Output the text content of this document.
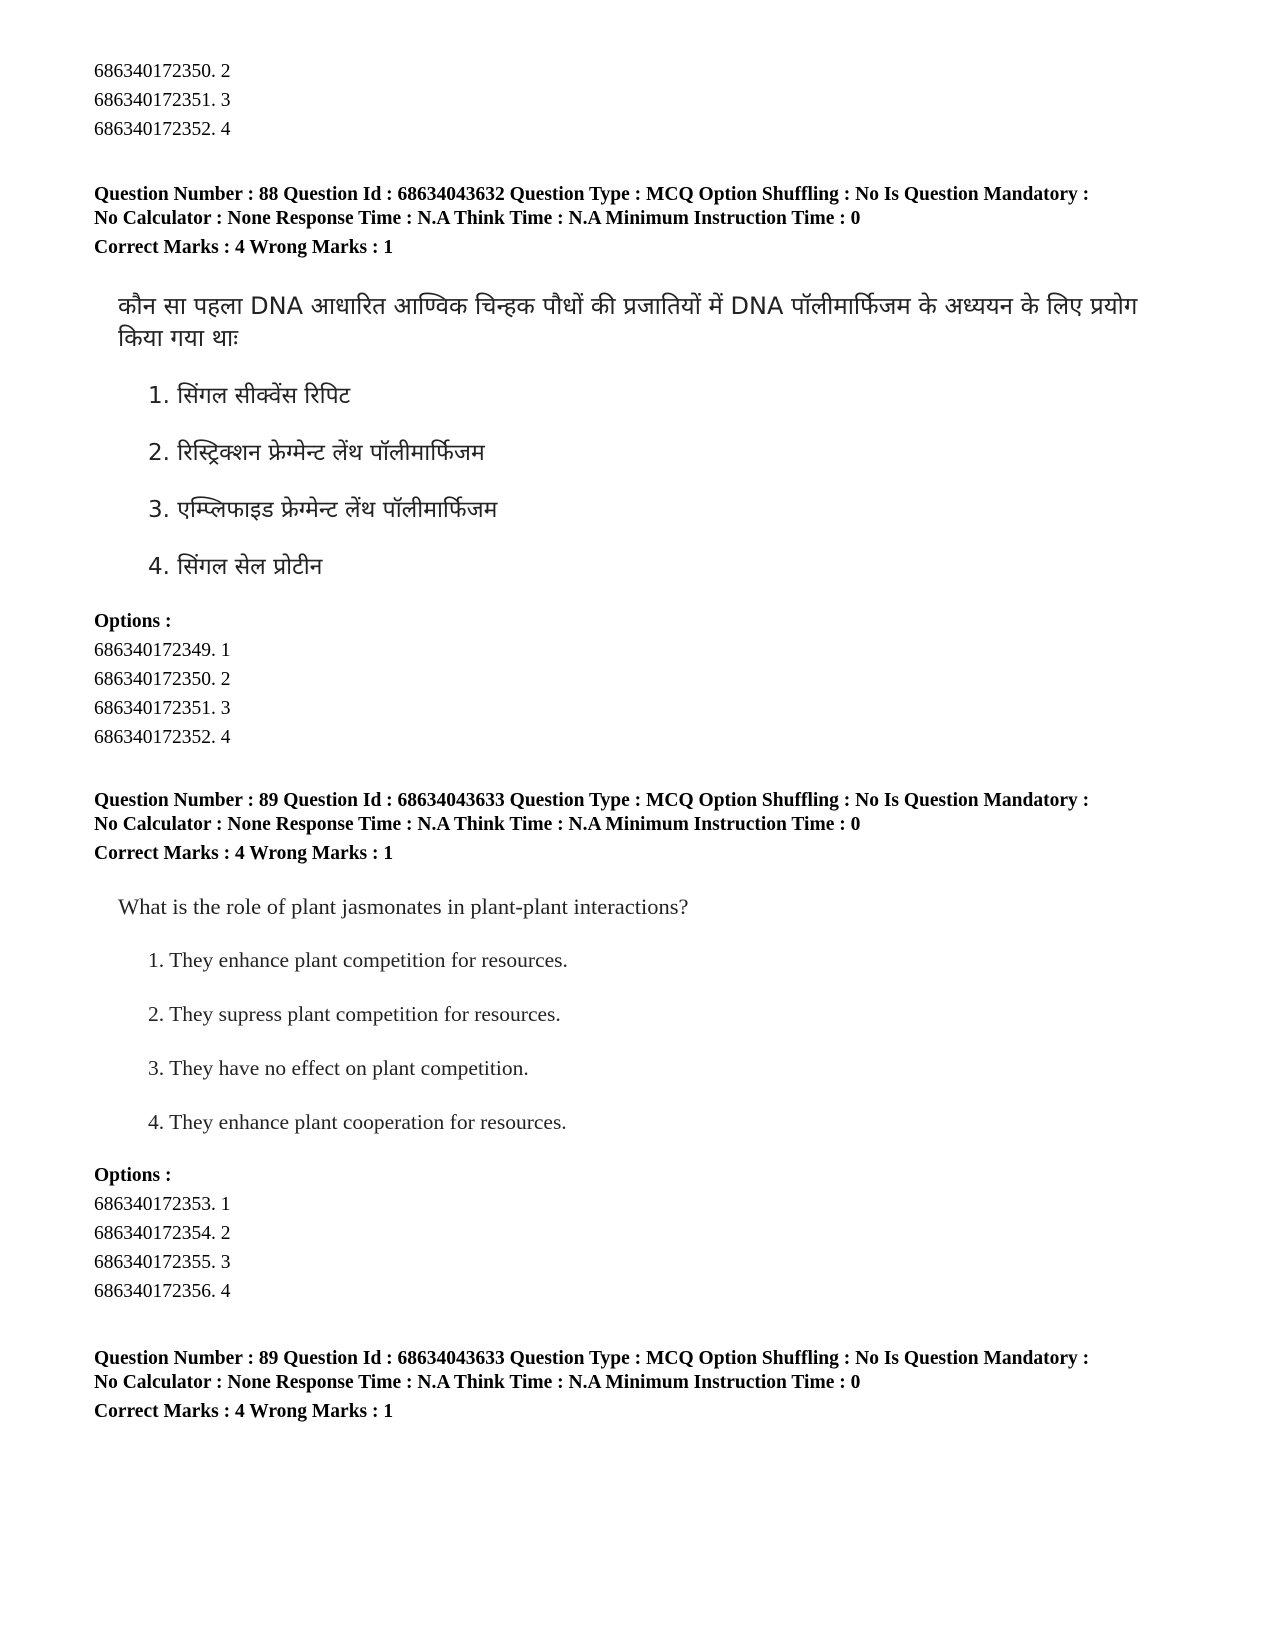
686340172350. 2
686340172351. 3
686340172352. 4
Question Number : 88 Question Id : 68634043632 Question Type : MCQ Option Shuffling : No Is Question Mandatory :
No Calculator : None Response Time : N.A Think Time : N.A Minimum Instruction Time : 0
Correct Marks : 4 Wrong Marks : 1
कौन सा पहला DNA आधारित आण्विक चिन्हक पौधों की प्रजातियों में DNA पॉलीमार्फिजम के अध्ययन के लिए प्रयोग किया गया थाः
1. सिंगल सीक्वेंस रिपिट
2. रिस्ट्रिक्शन फ्रेग्मेन्ट लेंथ पॉलीमार्फिजम
3. एम्प्लिफाइड फ्रेग्मेन्ट लेंथ पॉलीमार्फिजम
4. सिंगल सेल प्रोटीन
Options :
686340172349. 1
686340172350. 2
686340172351. 3
686340172352. 4
Question Number : 89 Question Id : 68634043633 Question Type : MCQ Option Shuffling : No Is Question Mandatory :
No Calculator : None Response Time : N.A Think Time : N.A Minimum Instruction Time : 0
Correct Marks : 4 Wrong Marks : 1
What is the role of plant jasmonates in plant-plant interactions?
1. They enhance plant competition for resources.
2. They supress plant competition for resources.
3. They have no effect on plant competition.
4. They enhance plant cooperation for resources.
Options :
686340172353. 1
686340172354. 2
686340172355. 3
686340172356. 4
Question Number : 89 Question Id : 68634043633 Question Type : MCQ Option Shuffling : No Is Question Mandatory :
No Calculator : None Response Time : N.A Think Time : N.A Minimum Instruction Time : 0
Correct Marks : 4 Wrong Marks : 1
